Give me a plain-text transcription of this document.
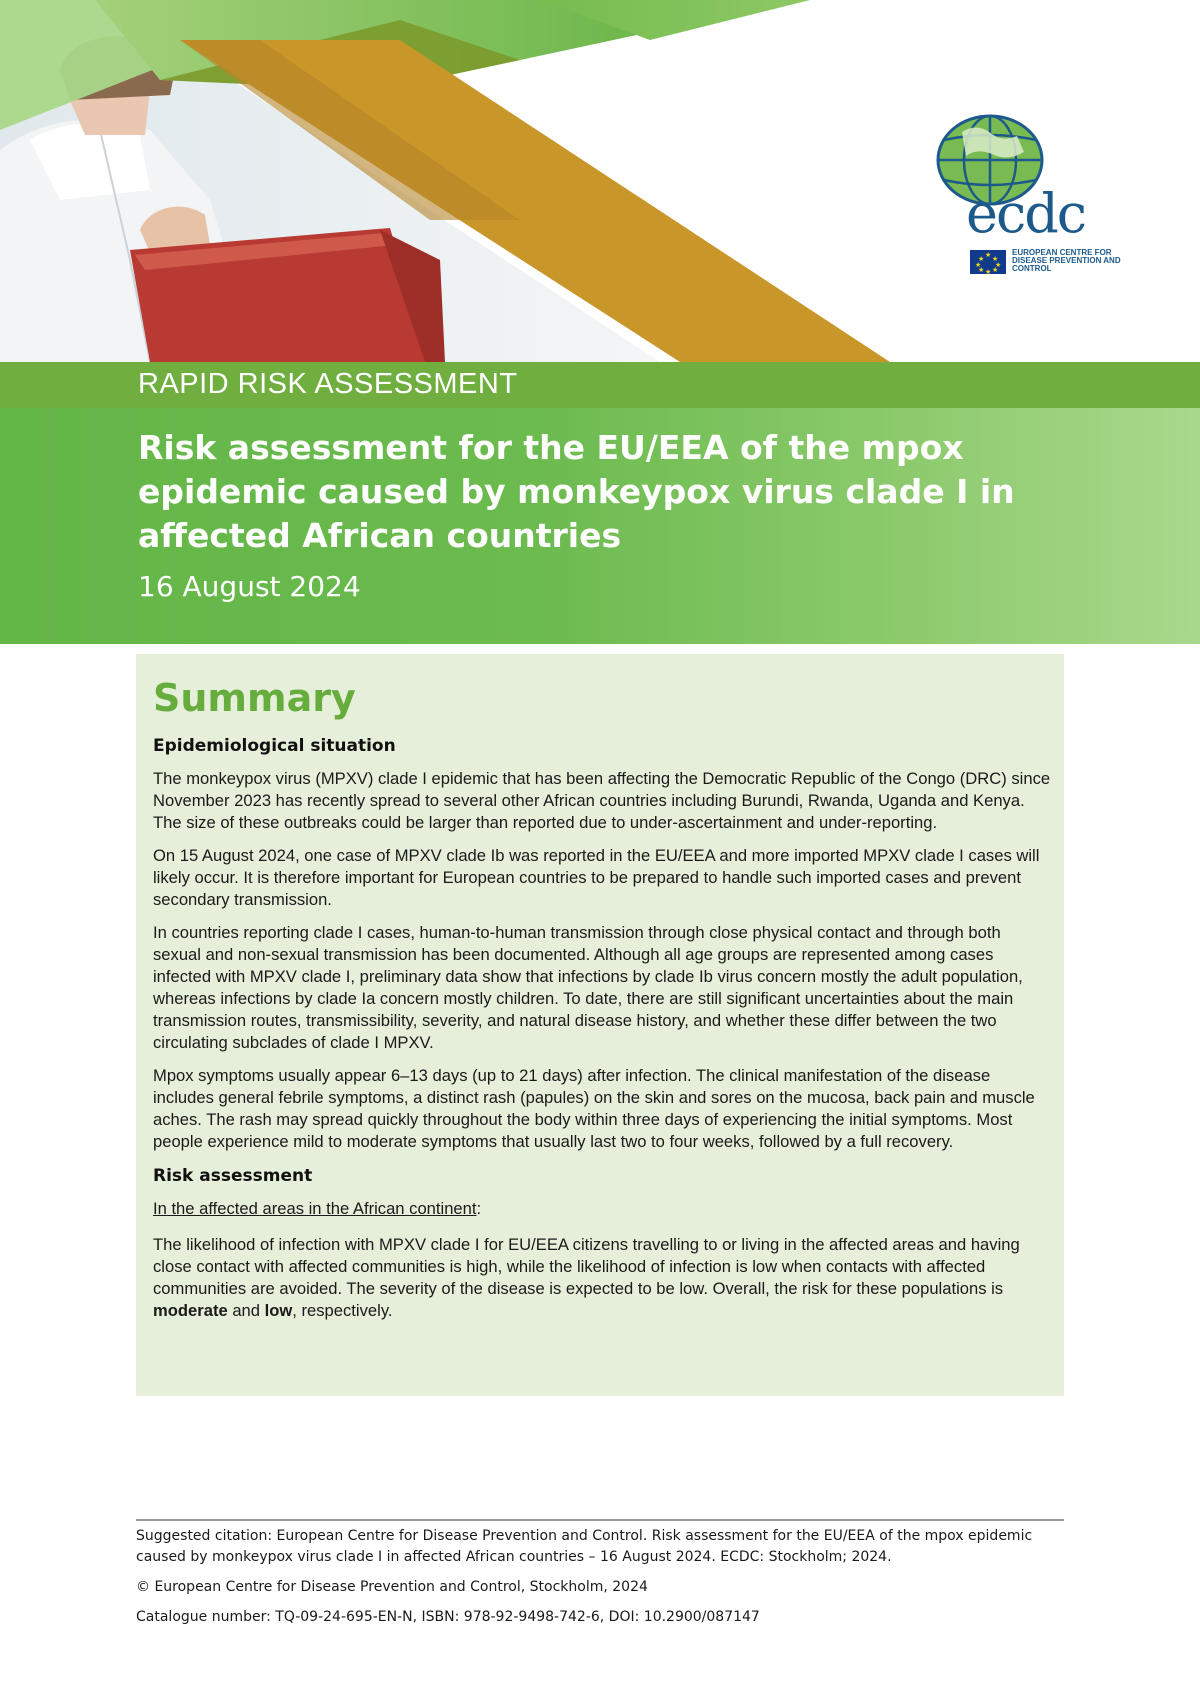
ecdc
★
★ ★
★ ★
★ ★
★
EUROPEAN CENTRE FOR DISEASE PREVENTION AND CONTROL
RAPID RISK ASSESSMENT
Risk assessment for the EU/EEA of the mpox epidemic caused by monkeypox virus clade I in affected African countries
16 August 2024
Summary
Epidemiological situation

The monkeypox virus (MPXV) clade I epidemic that has been affecting the Democratic Republic of the Congo (DRC) since November 2023 has recently spread to several other African countries including Burundi, Rwanda, Uganda and Kenya. The size of these outbreaks could be larger than reported due to under-ascertainment and under-reporting.

On 15 August 2024, one case of MPXV clade Ib was reported in the EU/EEA and more imported MPXV clade I cases will likely occur. It is therefore important for European countries to be prepared to handle such imported cases and prevent secondary transmission.

In countries reporting clade I cases, human-to-human transmission through close physical contact and through both sexual and non-sexual transmission has been documented. Although all age groups are represented among cases infected with MPXV clade I, preliminary data show that infections by clade Ib virus concern mostly the adult population, whereas infections by clade Ia concern mostly children. To date, there are still significant uncertainties about the main transmission routes, transmissibility, severity, and natural disease history, and whether these differ between the two circulating subclades of clade I MPXV.

Mpox symptoms usually appear 6–13 days (up to 21 days) after infection. The clinical manifestation of the disease includes general febrile symptoms, a distinct rash (papules) on the skin and sores on the mucosa, back pain and muscle aches. The rash may spread quickly throughout the body within three days of experiencing the initial symptoms. Most people experience mild to moderate symptoms that usually last two to four weeks, followed by a full recovery.

Risk assessment

In the affected areas in the African continent:

The likelihood of infection with MPXV clade I for EU/EEA citizens travelling to or living in the affected areas and having close contact with affected communities is high, while the likelihood of infection is low when contacts with affected communities are avoided. The severity of the disease is expected to be low. Overall, the risk for these populations is moderate and low, respectively.

Suggested citation: European Centre for Disease Prevention and Control. Risk assessment for the EU/EEA of the mpox epidemic caused by monkeypox virus clade I in affected African countries – 16 August 2024. ECDC: Stockholm; 2024.

© European Centre for Disease Prevention and Control, Stockholm, 2024

Catalogue number: TQ-09-24-695-EN-N, ISBN: 978-92-9498-742-6, DOI: 10.2900/087147
